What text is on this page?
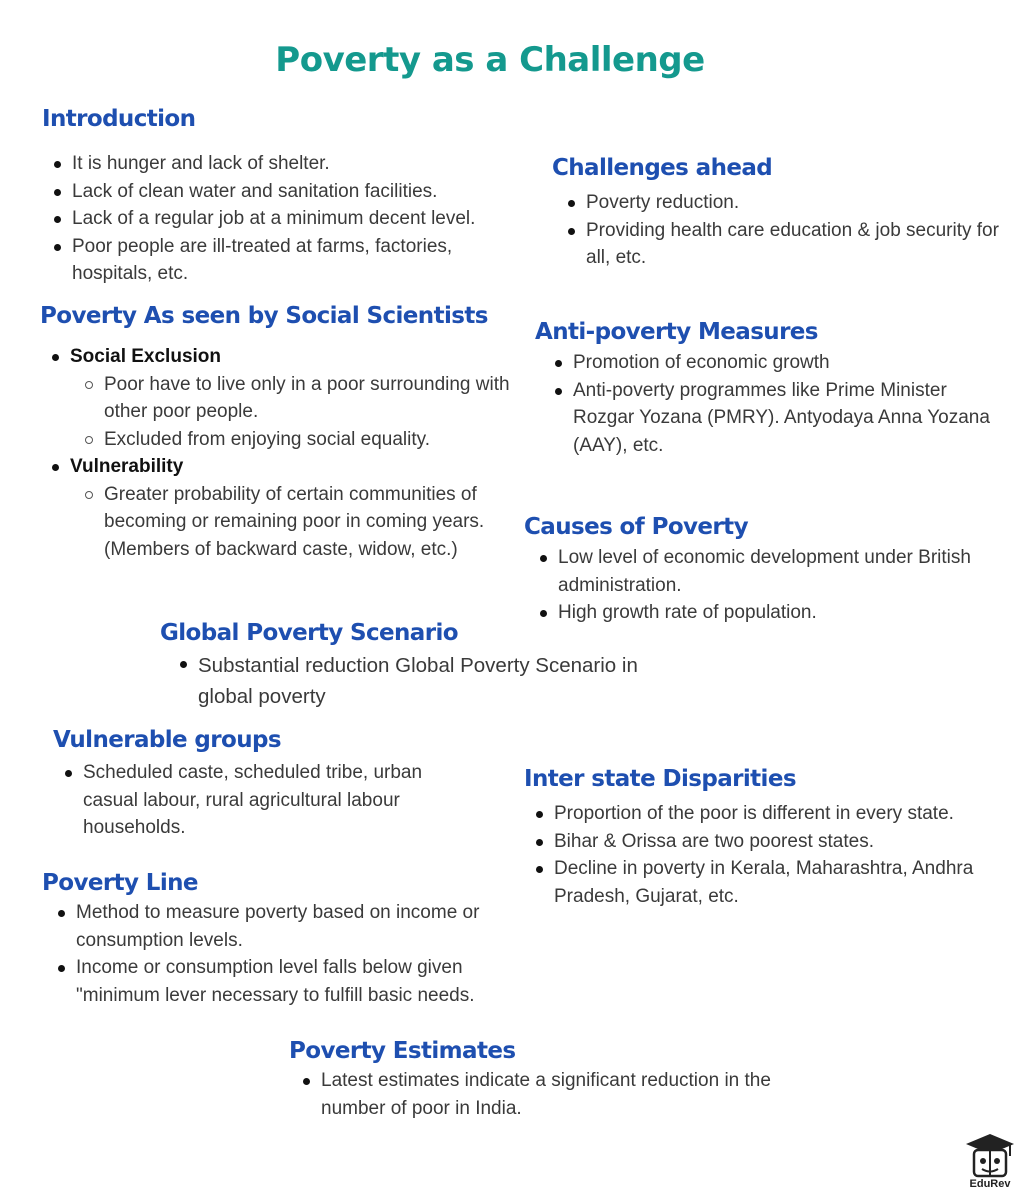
Poverty as a Challenge
Introduction
It is hunger and lack of shelter.
Lack of clean water and sanitation facilities.
Lack of a regular job at a minimum decent level.
Poor people are ill-treated at farms, factories, hospitals, etc.
Challenges ahead
Poverty reduction.
Providing health care education & job security for all, etc.
Poverty As seen by Social Scientists
Social Exclusion
Poor have to live only in a poor surrounding with other poor people.
Excluded from enjoying social equality.
Vulnerability
Greater probability of certain communities of becoming or remaining poor in coming years. (Members of backward caste, widow, etc.)
Anti-poverty Measures
Promotion of economic growth
Anti-poverty programmes like Prime Minister Rozgar Yozana (PMRY). Antyodaya Anna Yozana (AAY), etc.
Causes of Poverty
Low level of economic development under British administration.
High growth rate of population.
Global Poverty Scenario
Substantial reduction Global Poverty Scenario in global poverty
Vulnerable groups
Scheduled caste, scheduled tribe, urban casual labour, rural agricultural labour households.
Inter state Disparities
Proportion of the poor is different in every state.
Bihar & Orissa are two poorest states.
Decline in poverty in Kerala, Maharashtra, Andhra Pradesh, Gujarat, etc.
Poverty Line
Method to measure poverty based on income or consumption levels.
Income or consumption level falls below given "minimum lever necessary to fulfill basic needs.
Poverty Estimates
Latest estimates indicate a significant reduction in the number of poor in India.
EduRev
